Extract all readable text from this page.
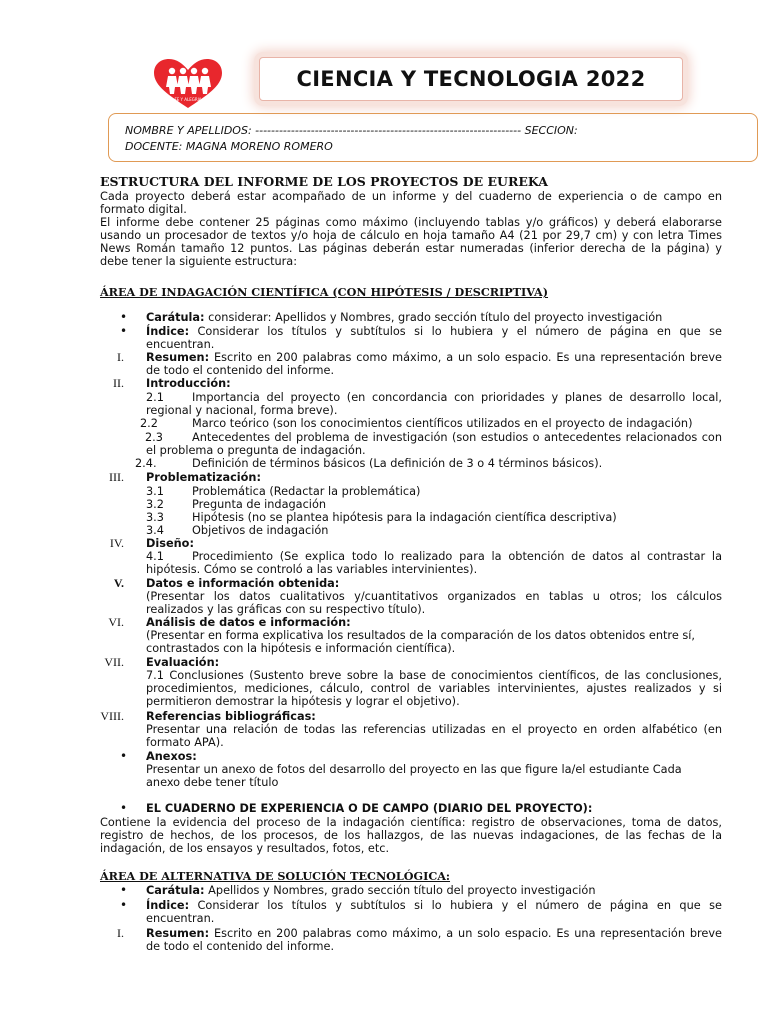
FE Y ALEGRIA
CIENCIA Y TECNOLOGIA 2022
NOMBRE Y APELLIDOS: ------------------------------------------------------------------- SECCION:
DOCENTE: MAGNA MORENO ROMERO
ESTRUCTURA DEL INFORME DE LOS PROYECTOS DE EUREKA
Cada proyecto deberá estar acompañado de un informe y del cuaderno de experiencia o de campo en
formato digital.
El informe debe contener 25 páginas como máximo (incluyendo tablas y/o gráficos) y deberá elaborarse
usando un procesador de textos y/o hoja de cálculo en hoja tamaño A4 (21 por 29,7 cm) y con letra Times
News Román tamaño 12 puntos. Las páginas deberán estar numeradas (inferior derecha de la página) y
debe tener la siguiente estructura:
ÁREA DE INDAGACIÓN CIENTÍFICA (CON HIPÓTESIS / DESCRIPTIVA)
• Carátula: considerar: Apellidos y Nombres, grado sección título del proyecto investigación
• Índice: Considerar los títulos y subtítulos si lo hubiera y el número de página en que se
encuentran.
I. Resumen: Escrito en 200 palabras como máximo, a un solo espacio. Es una representación breve
de todo el contenido del informe.
II. Introducción:
2.1 Importancia del proyecto (en concordancia con prioridades y planes de desarrollo local,
regional y nacional, forma breve).
2.2	Marco teórico (son los conocimientos científicos utilizados en el proyecto de indagación)
2.3	Antecedentes del problema de investigación (son estudios o antecedentes relacionados con
el problema o pregunta de indagación.
2.4.	Definición de términos básicos (La definición de 3 o 4 términos básicos).
III. Problematización:
3.1 Problemática (Redactar la problemática)
3.2 Pregunta de indagación
3.3 Hipótesis (no se plantea hipótesis para la indagación científica descriptiva)
3.4 Objetivos de indagación
IV. Diseño:
4.1 Procedimiento (Se explica todo lo realizado para la obtención de datos al contrastar la
hipótesis. Cómo se controló a las variables intervinientes).
V. Datos e información obtenida:
(Presentar los datos cualitativos y/cuantitativos organizados en tablas u otros; los cálculos
realizados y las gráficas con su respectivo título).
VI. Análisis de datos e información:
(Presentar en forma explicativa los resultados de la comparación de los datos obtenidos entre sí,
contrastados con la hipótesis e información científica).
VII. Evaluación:
7.1 Conclusiones (Sustento breve sobre la base de conocimientos científicos, de las conclusiones,
procedimientos, mediciones, cálculo, control de variables intervinientes, ajustes realizados y si
permitieron demostrar la hipótesis y lograr el objetivo).
VIII. Referencias bibliográficas:
Presentar una relación de todas las referencias utilizadas en el proyecto en orden alfabético (en
formato APA).
• Anexos:
Presentar un anexo de fotos del desarrollo del proyecto en las que figure la/el estudiante Cada
anexo debe tener título
• EL CUADERNO DE EXPERIENCIA O DE CAMPO (DIARIO DEL PROYECTO):
Contiene la evidencia del proceso de la indagación científica: registro de observaciones, toma de datos,
registro de hechos, de los procesos, de los hallazgos, de las nuevas indagaciones, de las fechas de la
indagación, de los ensayos y resultados, fotos, etc.
ÁREA DE ALTERNATIVA DE SOLUCIÓN TECNOLÓGICA:
• Carátula: Apellidos y Nombres, grado sección título del proyecto investigación
• Índice: Considerar los títulos y subtítulos si lo hubiera y el número de página en que se
encuentran.
I. Resumen: Escrito en 200 palabras como máximo, a un solo espacio. Es una representación breve
de todo el contenido del informe.
